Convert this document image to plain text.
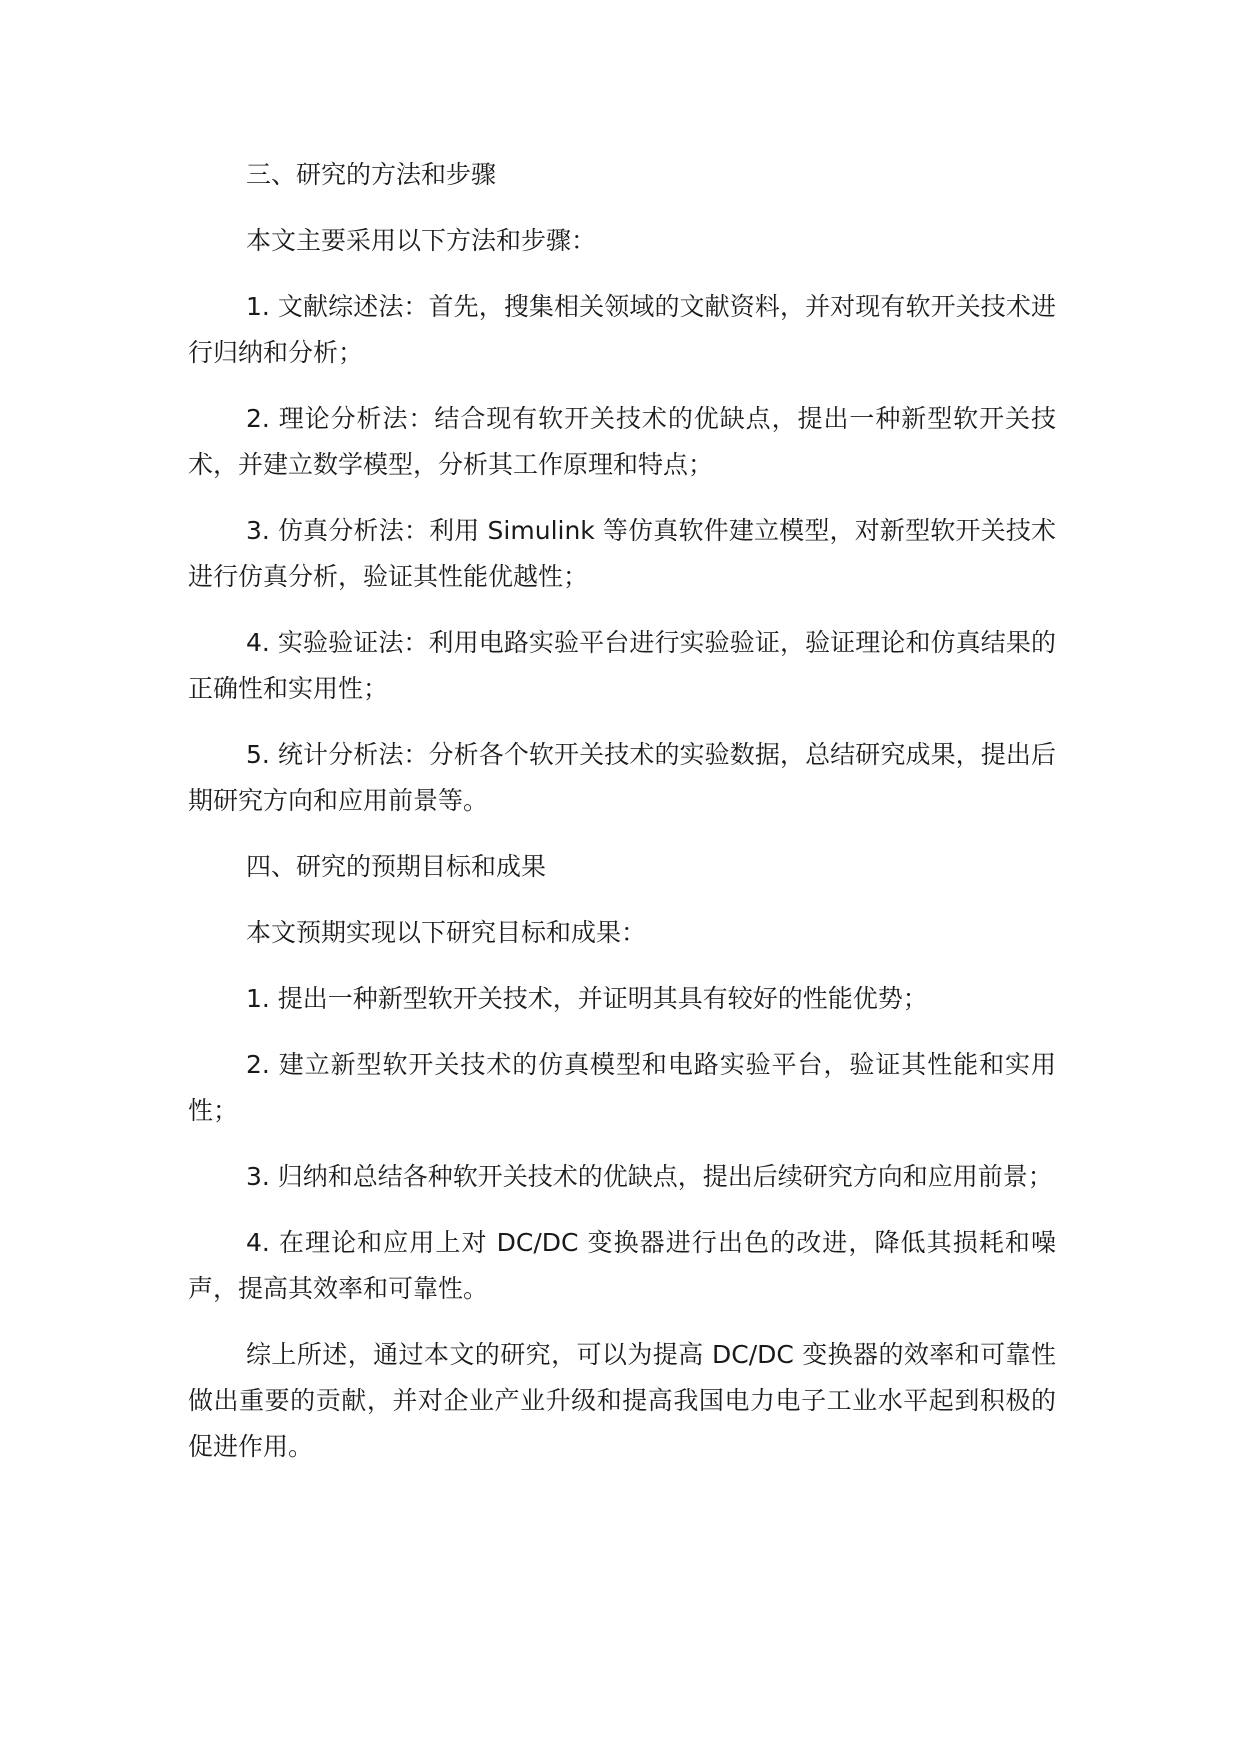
三、研究的方法和步骤

本文主要采用以下方法和步骤：

1. 文献综述法：首先，搜集相关领域的文献资料，并对现有软开关技术进行归纳和分析；

2. 理论分析法：结合现有软开关技术的优缺点，提出一种新型软开关技术，并建立数学模型，分析其工作原理和特点；

3. 仿真分析法：利用 Simulink 等仿真软件建立模型，对新型软开关技术进行仿真分析，验证其性能优越性；

4. 实验验证法：利用电路实验平台进行实验验证，验证理论和仿真结果的正确性和实用性；

5. 统计分析法：分析各个软开关技术的实验数据，总结研究成果，提出后期研究方向和应用前景等。

四、研究的预期目标和成果

本文预期实现以下研究目标和成果：

1. 提出一种新型软开关技术，并证明其具有较好的性能优势；

2. 建立新型软开关技术的仿真模型和电路实验平台，验证其性能和实用性；

3. 归纳和总结各种软开关技术的优缺点，提出后续研究方向和应用前景；

4. 在理论和应用上对 DC/DC 变换器进行出色的改进，降低其损耗和噪声，提高其效率和可靠性。

综上所述，通过本文的研究，可以为提高 DC/DC 变换器的效率和可靠性做出重要的贡献，并对企业产业升级和提高我国电力电子工业水平起到积极的促进作用。
